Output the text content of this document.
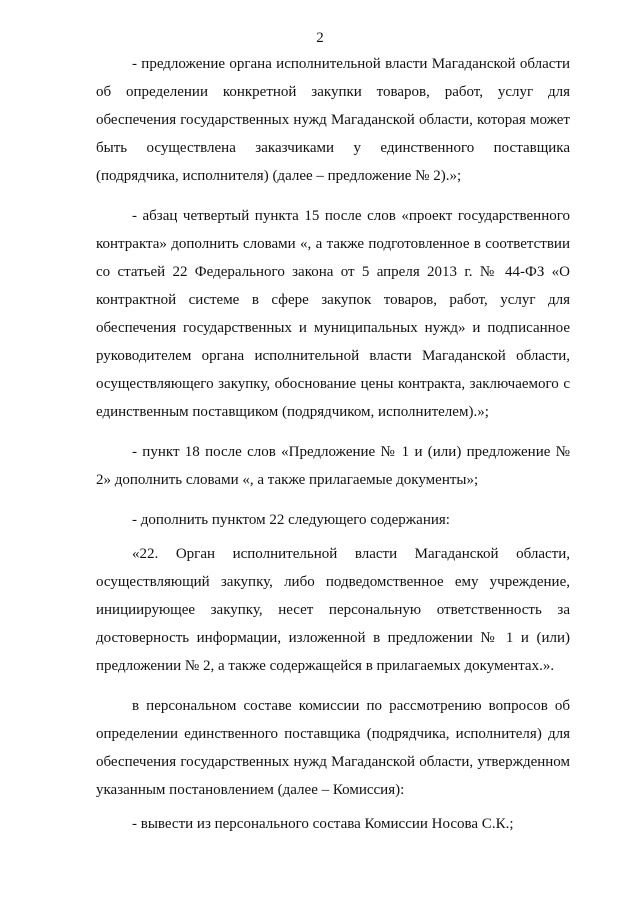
2

- предложение органа исполнительной власти Магаданской области об определении конкретной закупки товаров, работ, услуг для обеспечения государственных нужд Магаданской области, которая может быть осуществлена заказчиками у единственного поставщика (подрядчика, исполнителя) (далее – предложение № 2).»;

- абзац четвертый пункта 15 после слов «проект государственного контракта» дополнить словами «, а также подготовленное в соответствии со статьей 22 Федерального закона от 5 апреля 2013 г. № 44-ФЗ «О контрактной системе в сфере закупок товаров, работ, услуг для обеспечения государственных и муниципальных нужд» и подписанное руководителем органа исполнительной власти Магаданской области, осуществляющего закупку, обоснование цены контракта, заключаемого с единственным поставщиком (подрядчиком, исполнителем).»;

- пункт 18 после слов «Предложение № 1 и (или) предложение № 2» дополнить словами «, а также прилагаемые документы»;

- дополнить пунктом 22 следующего содержания:

«22. Орган исполнительной власти Магаданской области, осуществляющий закупку, либо подведомственное ему учреждение, инициирующее закупку, несет персональную ответственность за достоверность информации, изложенной в предложении № 1 и (или) предложении № 2, а также содержащейся в прилагаемых документах.».

в персональном составе комиссии по рассмотрению вопросов об определении единственного поставщика (подрядчика, исполнителя) для обеспечения государственных нужд Магаданской области, утвержденном указанным постановлением (далее – Комиссия):

- вывести из персонального состава Комиссии Носова С.К.;
